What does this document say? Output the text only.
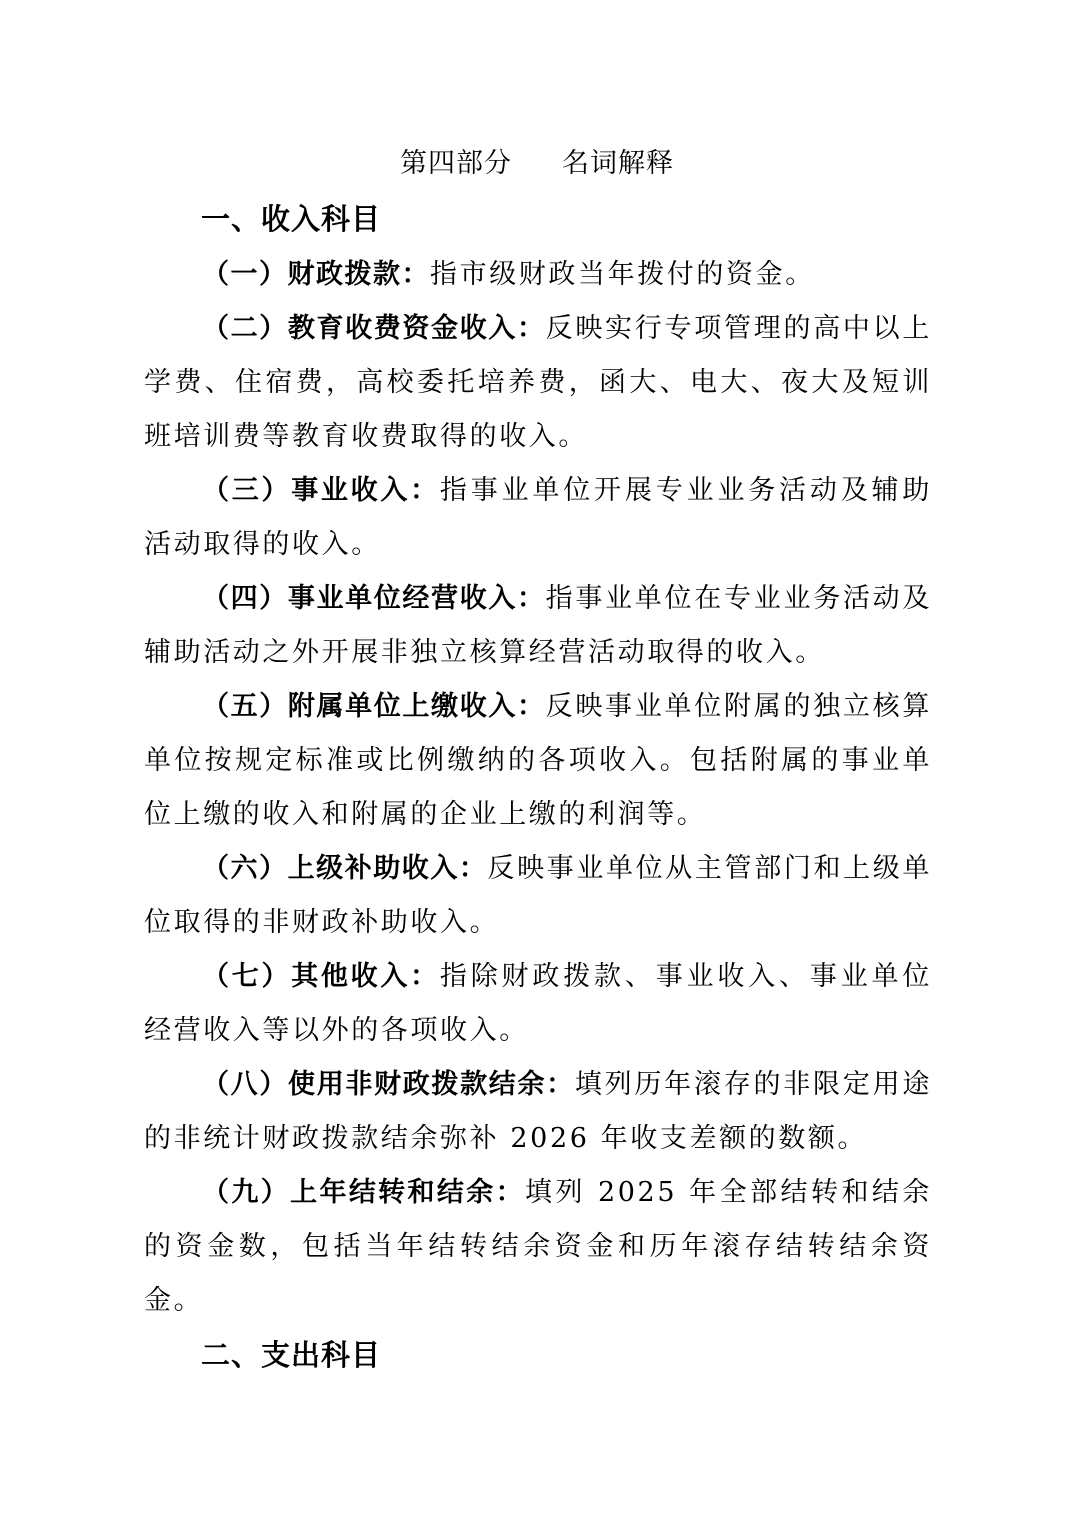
第四部分 名词解释
一、收入科目

（一）财政拨款：指市级财政当年拨付的资金。

（二）教育收费资金收入：反映实行专项管理的高中以上学费、住宿费，高校委托培养费，函大、电大、夜大及短训班培训费等教育收费取得的收入。

（三）事业收入：指事业单位开展专业业务活动及辅助活动取得的收入。

（四）事业单位经营收入：指事业单位在专业业务活动及辅助活动之外开展非独立核算经营活动取得的收入。

（五）附属单位上缴收入：反映事业单位附属的独立核算单位按规定标准或比例缴纳的各项收入。包括附属的事业单位上缴的收入和附属的企业上缴的利润等。

（六）上级补助收入：反映事业单位从主管部门和上级单位取得的非财政补助收入。

（七）其他收入：指除财政拨款、事业收入、事业单位经营收入等以外的各项收入。

（八）使用非财政拨款结余：填列历年滚存的非限定用途的非统计财政拨款结余弥补 2026 年收支差额的数额。

（九）上年结转和结余：填列 2025 年全部结转和结余的资金数，包括当年结转结余资金和历年滚存结转结余资金。

二、支出科目
